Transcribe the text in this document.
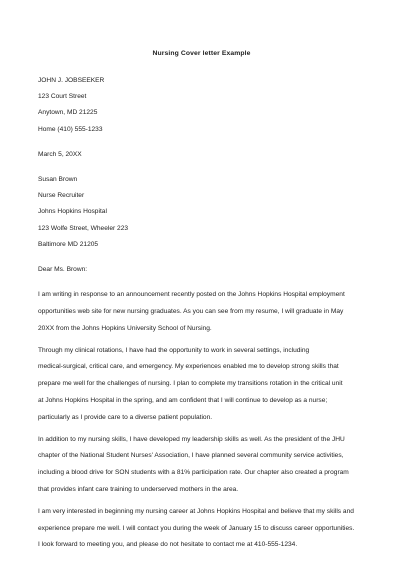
Nursing Cover letter Example
JOHN J. JOBSEEKER
123 Court Street
Anytown, MD 21225
Home (410) 555-1233
March 5, 20XX
Susan Brown
Nurse Recruiter
Johns Hopkins Hospital
123 Wolfe Street, Wheeler 223
Baltimore MD 21205
Dear Ms. Brown:
I am writing in response to an announcement recently posted on the Johns Hopkins Hospital employment
opportunities web site for new nursing graduates. As you can see from my resume, I will graduate in May
20XX from the Johns Hopkins University School of Nursing.
Through my clinical rotations, I have had the opportunity to work in several settings, including
medical-surgical, critical care, and emergency. My experiences enabled me to develop strong skills that
prepare me well for the challenges of nursing. I plan to complete my transitions rotation in the critical unit
at Johns Hopkins Hospital in the spring, and am confident that I will continue to develop as a nurse;
particularly as I provide care to a diverse patient population.
In addition to my nursing skills, I have developed my leadership skills as well. As the president of the JHU
chapter of the National Student Nurses' Association, I have planned several community service activities,
including a blood drive for SON students with a 81% participation rate. Our chapter also created a program
that provides infant care training to underserved mothers in the area.
I am very interested in beginning my nursing career at Johns Hopkins Hospital and believe that my skills and
experience prepare me well. I will contact you during the week of January 15 to discuss career opportunities.
I look forward to meeting you, and please do not hesitate to contact me at 410-555-1234.
